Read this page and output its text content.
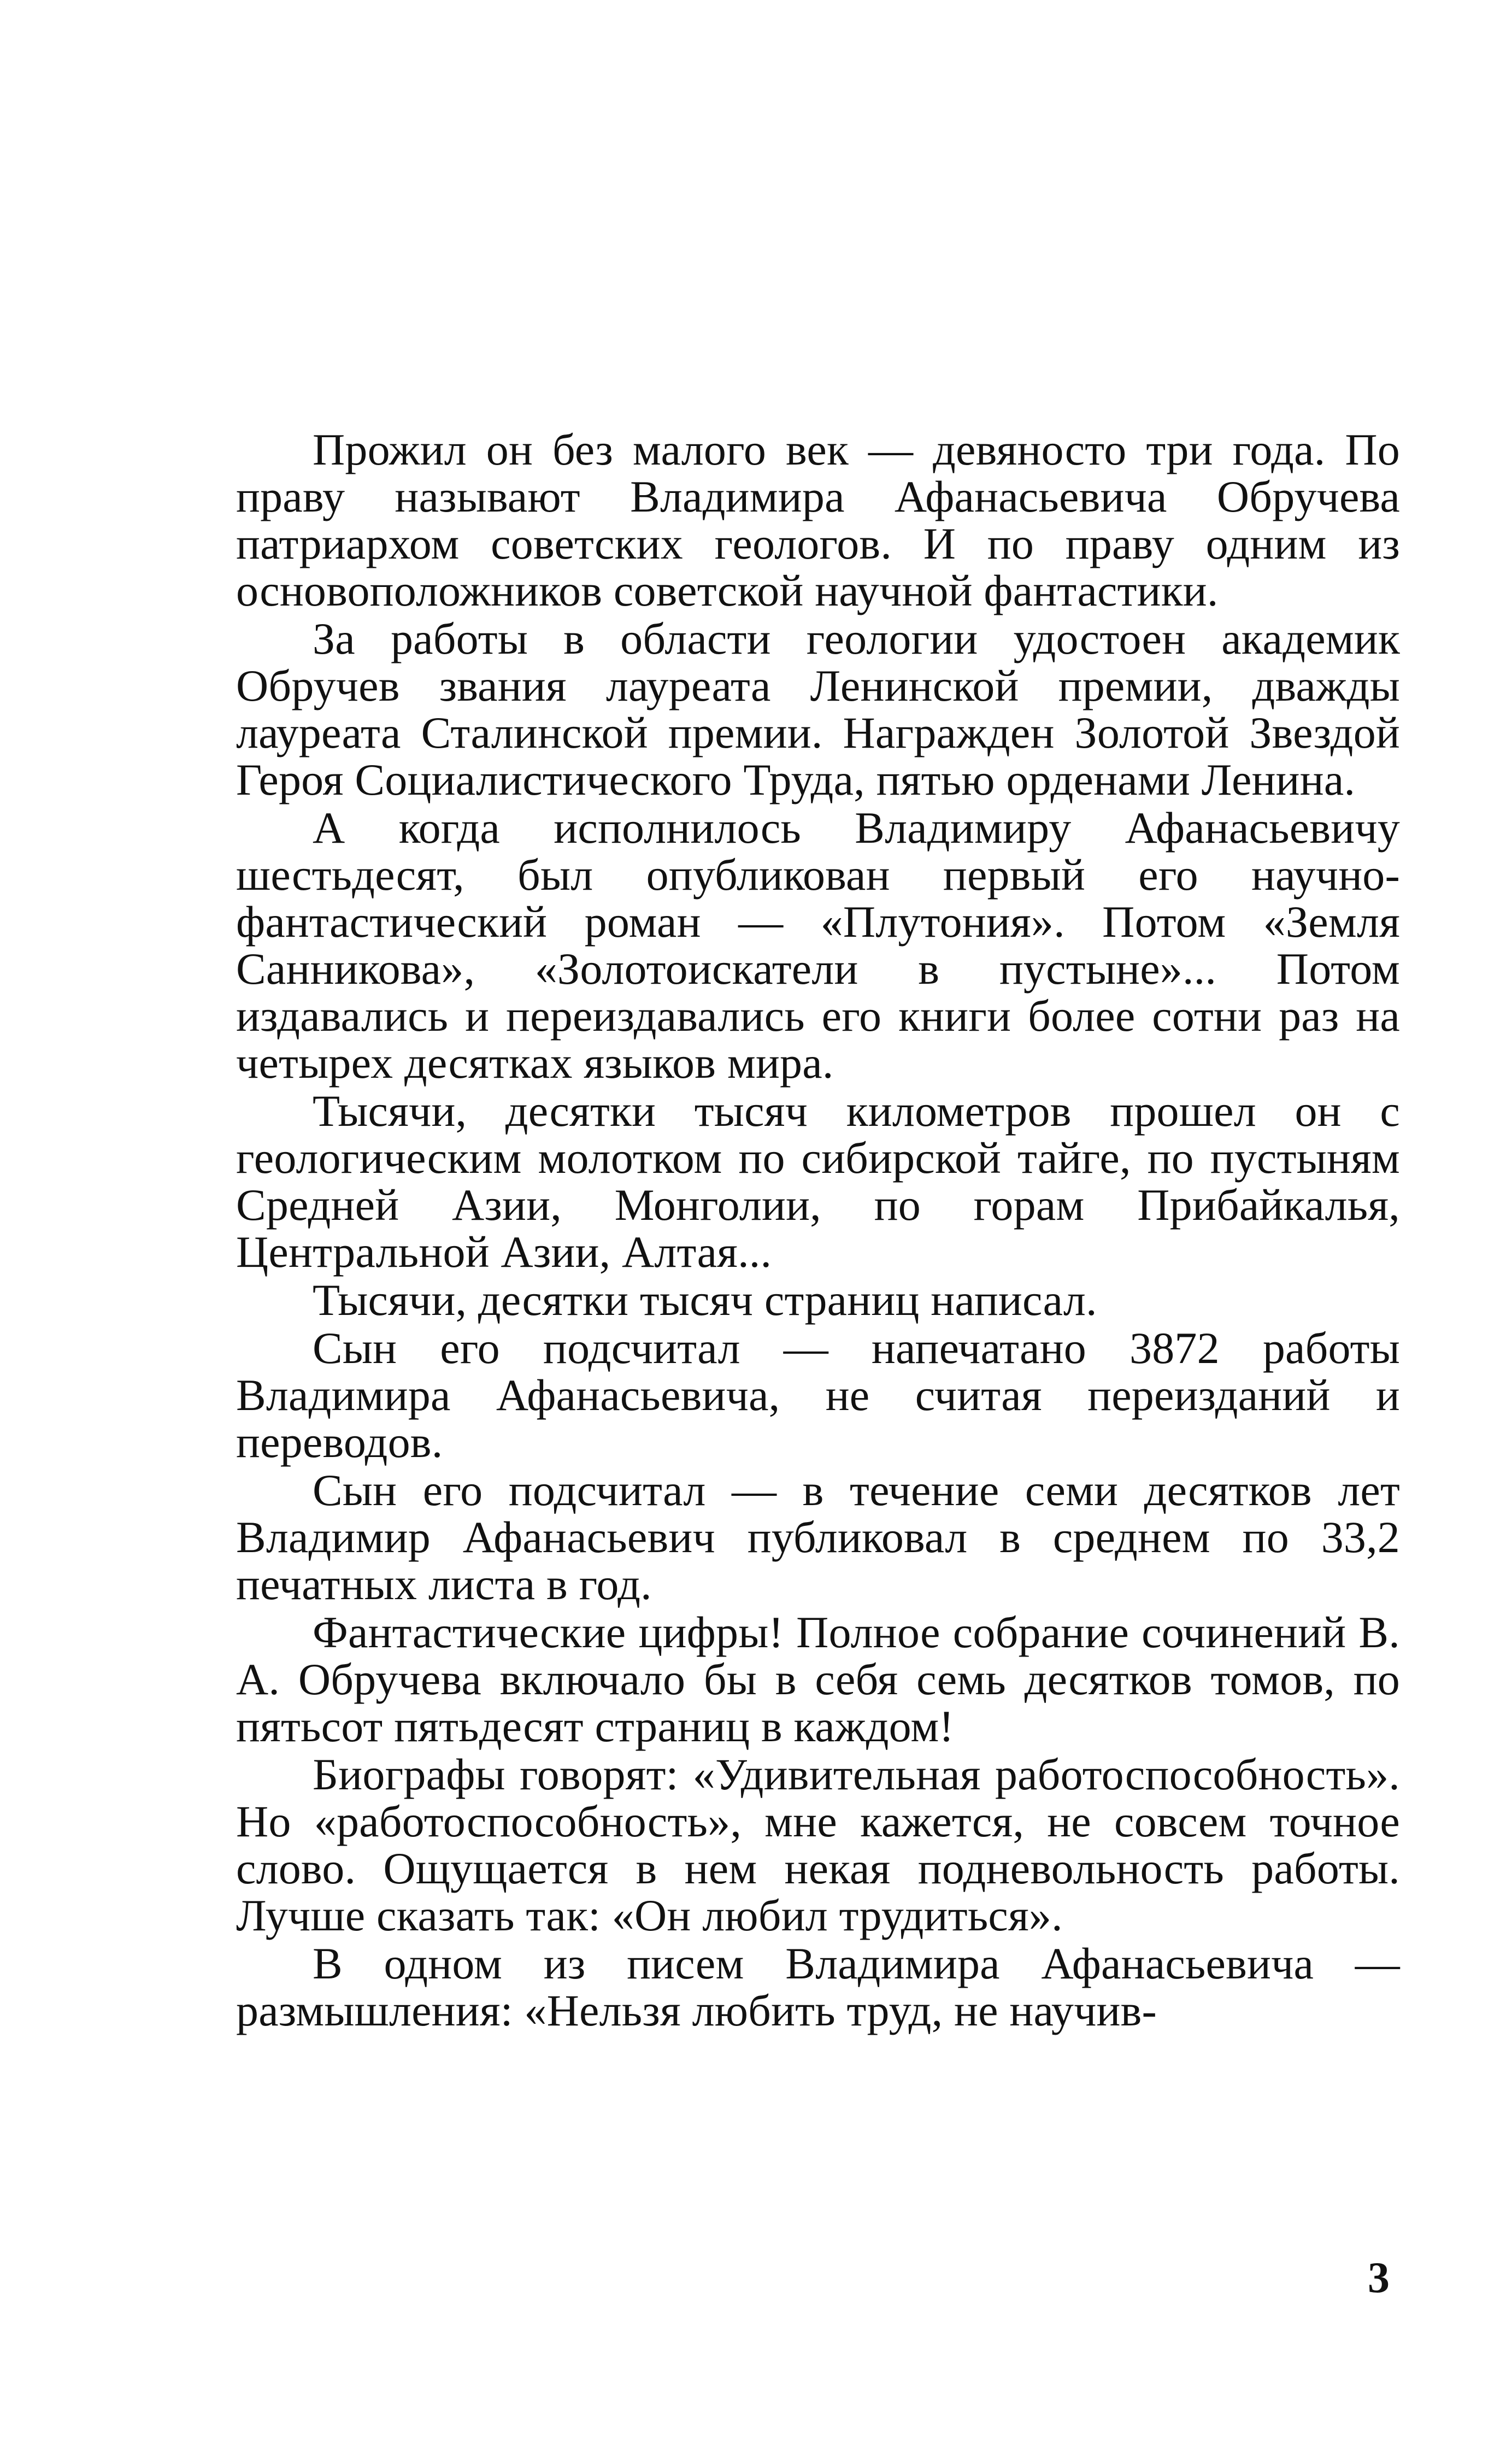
Прожил он без малого век — девяносто три года. По праву называют Владимира Афанасьевича Обручева патриархом советских геологов. И по праву одним из основоположников советской научной фантастики.

За работы в области геологии удостоен академик Обручев звания лауреата Ленинской премии, дважды лауреата Сталинской премии. Награжден Золотой Звездой Героя Социалистического Труда, пятью орденами Ленина.

А когда исполнилось Владимиру Афанасьевичу шестьдесят, был опубликован первый его научно-фантастический роман — «Плутония». Потом «Земля Санникова», «Золотоискатели в пустыне»... Потом издавались и переиздавались его книги более сотни раз на четырех десятках языков мира.

Тысячи, десятки тысяч километров прошел он с геологическим молотком по сибирской тайге, по пустыням Средней Азии, Монголии, по горам Прибайкалья, Центральной Азии, Алтая...

Тысячи, десятки тысяч страниц написал.

Сын его подсчитал — напечатано 3872 работы Владимира Афанасьевича, не считая переизданий и переводов.

Сын его подсчитал — в течение семи десятков лет Владимир Афанасьевич публиковал в среднем по 33,2 печатных листа в год.

Фантастические цифры! Полное собрание сочинений В. А. Обручева включало бы в себя семь десятков томов, по пятьсот пятьдесят страниц в каждом!

Биографы говорят: «Удивительная работоспособность». Но «работоспособность», мне кажется, не совсем точное слово. Ощущается в нем некая подневольность работы. Лучше сказать так: «Он любил трудиться».

В одном из писем Владимира Афанасьевича — размышления: «Нельзя любить труд, не научив-

3
